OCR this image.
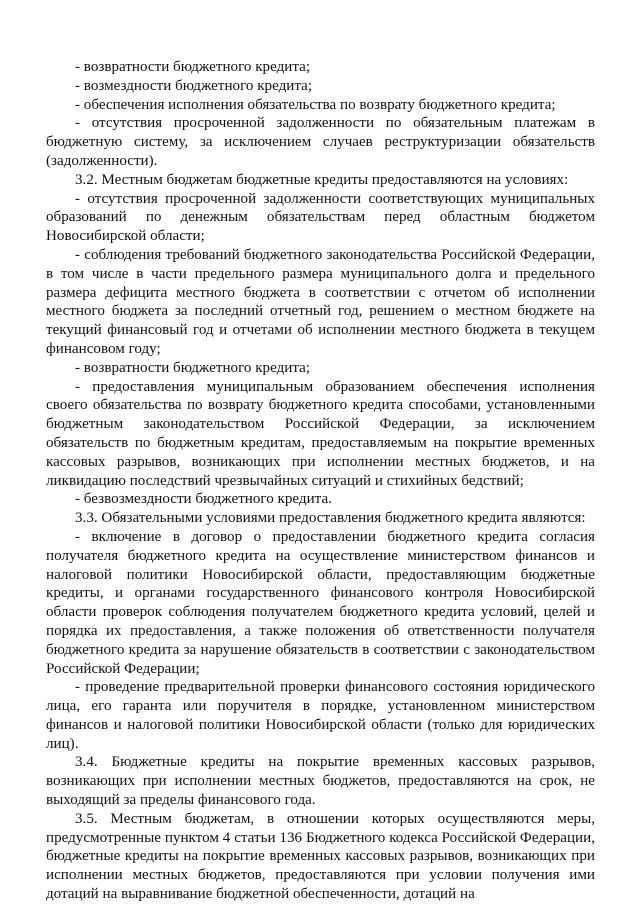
- возвратности бюджетного кредита;

- возмездности бюджетного кредита;

- обеспечения исполнения обязательства по возврату бюджетного кредита;

- отсутствия просроченной задолженности по обязательным платежам в бюджетную систему, за исключением случаев реструктуризации обязательств (задолженности).

3.2. Местным бюджетам бюджетные кредиты предоставляются на условиях:

- отсутствия просроченной задолженности соответствующих муниципальных образований по денежным обязательствам перед областным бюджетом Новосибирской области;

- соблюдения требований бюджетного законодательства Российской Федерации, в том числе в части предельного размера муниципального долга и предельного размера дефицита местного бюджета в соответствии с отчетом об исполнении местного бюджета за последний отчетный год, решением о местном бюджете на текущий финансовый год и отчетами об исполнении местного бюджета в текущем финансовом году;

- возвратности бюджетного кредита;

- предоставления муниципальным образованием обеспечения исполнения своего обязательства по возврату бюджетного кредита способами, установленными бюджетным законодательством Российской Федерации, за исключением обязательств по бюджетным кредитам, предоставляемым на покрытие временных кассовых разрывов, возникающих при исполнении местных бюджетов, и на ликвидацию последствий чрезвычайных ситуаций и стихийных бедствий;

- безвозмездности бюджетного кредита.

3.3. Обязательными условиями предоставления бюджетного кредита являются:

- включение в договор о предоставлении бюджетного кредита согласия получателя бюджетного кредита на осуществление министерством финансов и налоговой политики Новосибирской области, предоставляющим бюджетные кредиты, и органами государственного финансового контроля Новосибирской области проверок соблюдения получателем бюджетного кредита условий, целей и порядка их предоставления, а также положения об ответственности получателя бюджетного кредита за нарушение обязательств в соответствии с законодательством Российской Федерации;

- проведение предварительной проверки финансового состояния юридического лица, его гаранта или поручителя в порядке, установленном министерством финансов и налоговой политики Новосибирской области (только для юридических лиц).

3.4. Бюджетные кредиты на покрытие временных кассовых разрывов, возникающих при исполнении местных бюджетов, предоставляются на срок, не выходящий за пределы финансового года.

3.5. Местным бюджетам, в отношении которых осуществляются меры, предусмотренные пунктом 4 статьи 136 Бюджетного кодекса Российской Федерации, бюджетные кредиты на покрытие временных кассовых разрывов, возникающих при исполнении местных бюджетов, предоставляются при условии получения ими дотаций на выравнивание бюджетной обеспеченности, дотаций на
